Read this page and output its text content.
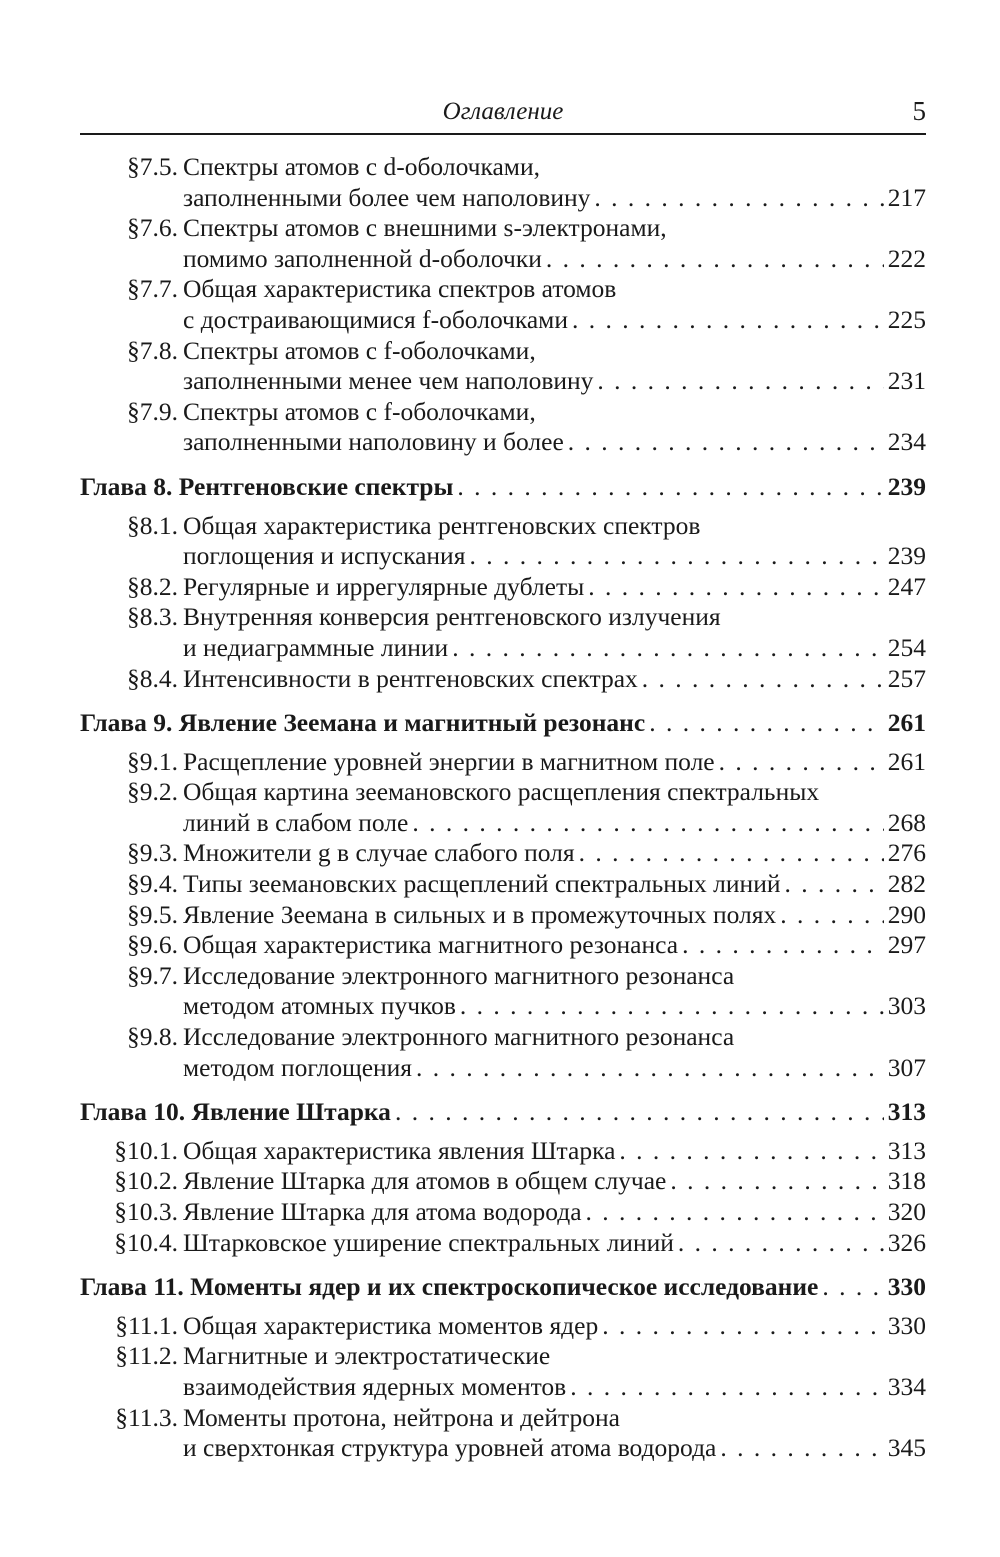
Оглавление	5
§7.5. Спектры атомов с d-оболочками,
заполненными более чем наполовину . . .	217
§7.6. Спектры атомов с внешними s-электронами,
помимо заполненной d-оболочки . . .	222
§7.7. Общая характеристика спектров атомов
с достраивающимися f-оболочками . . .	225
§7.8. Спектры атомов с f-оболочками,
заполненными менее чем наполовину . . .	231
§7.9. Спектры атомов с f-оболочками,
заполненными наполовину и более . . .	234
Глава 8. Рентгеновские спектры . . .	239
§8.1. Общая характеристика рентгеновских спектров
поглощения и испускания . . .	239
§8.2. Регулярные и иррегулярные дублеты . . .	247
§8.3. Внутренняя конверсия рентгеновского излучения
и недиаграммные линии . . .	254
§8.4. Интенсивности в рентгеновских спектрах . . .	257
Глава 9. Явление Зеемана и магнитный резонанс . . .	261
§9.1. Расщепление уровней энергии в магнитном поле . . .	261
§9.2. Общая картина зеемановского расщепления спектральных
линий в слабом поле . . .	268
§9.3. Множители g в случае слабого поля . . .	276
§9.4. Типы зеемановских расщеплений спектральных линий . . .	282
§9.5. Явление Зеемана в сильных и в промежуточных полях . . .	290
§9.6. Общая характеристика магнитного резонанса . . .	297
§9.7. Исследование электронного магнитного резонанса
методом атомных пучков . . .	303
§9.8. Исследование электронного магнитного резонанса
методом поглощения . . .	307
Глава 10. Явление Штарка . . .	313
§10.1. Общая характеристика явления Штарка . . .	313
§10.2. Явление Штарка для атомов в общем случае . . .	318
§10.3. Явление Штарка для атома водорода . . .	320
§10.4. Штарковское уширение спектральных линий . . .	326
Глава 11. Моменты ядер и их спектроскопическое исследование . . .	330
§11.1. Общая характеристика моментов ядер . . .	330
§11.2. Магнитные и электростатические
взаимодействия ядерных моментов . . .	334
§11.3. Моменты протона, нейтрона и дейтрона
и сверхтонкая структура уровней атома водорода . . .	345
